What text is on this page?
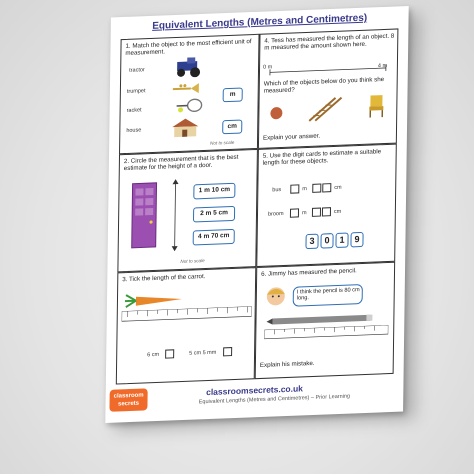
Equivalent Lengths (Metres and Centimetres)
1. Match the object to the most efficient unit of measurement.
tractor
trumpet
racket
house
m
cm
Not to scale
4. Tess has measured the length of an object. 8 m measured the amount shown here.
0 m	4 m
Which of the objects below do you think she measured?
Explain your answer.
2. Circle the measurement that is the best estimate for the height of a door.
1 m 10 cm
2 m 5 cm
4 m 70 cm
Not to scale
5. Use the digit cards to estimate a suitable length for these objects.
bus	m	cm
broom	m	cm
3	0	1	9
3. Tick the length of the carrot.
6 cm	5 cm 5 mm
6. Jimmy has measured the pencil.
I think the pencil is 80 cm long.
Explain his mistake.
classroom
secrets
classroomsecrets.co.uk
Equivalent Lengths (Metres and Centimetres) – Prior Learning
